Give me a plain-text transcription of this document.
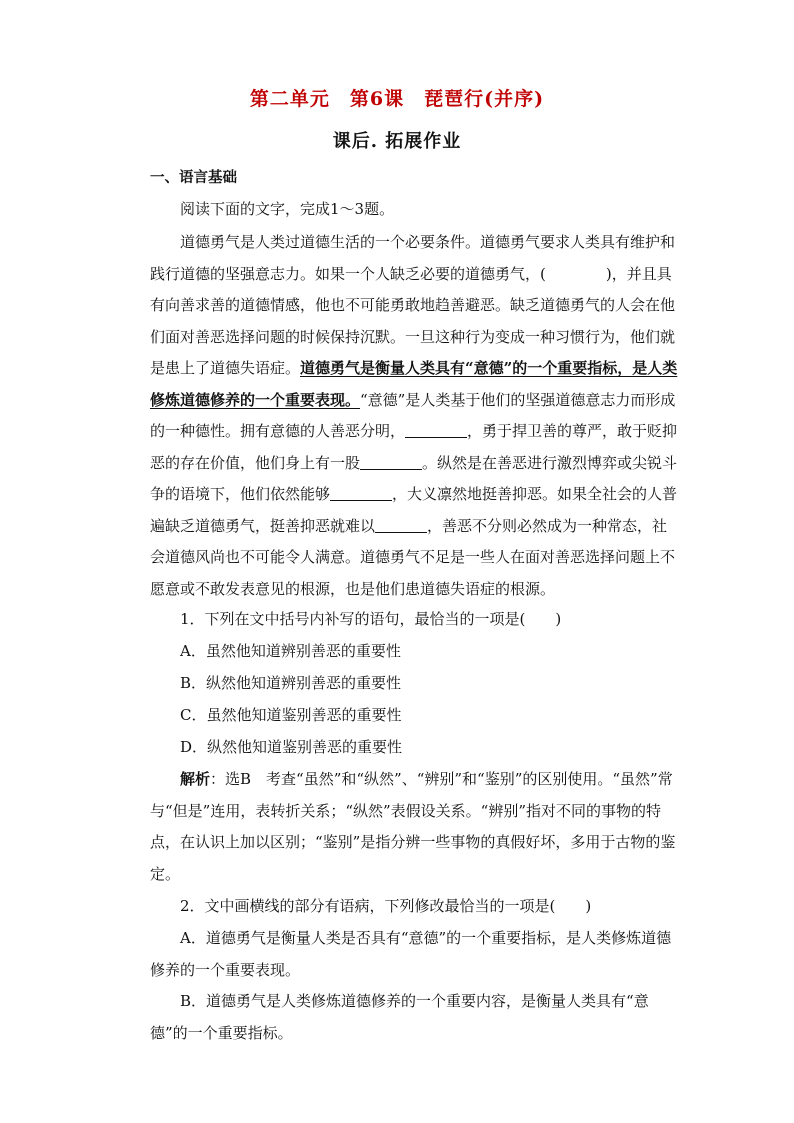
第二单元　第6课　琵琶行(并序)
课后. 拓展作业

一、语言基础

阅读下面的文字，完成1～3题。

道德勇气是人类过道德生活的一个必要条件。道德勇气要求人类具有维护和践行道德的坚强意志力。如果一个人缺乏必要的道德勇气，(　　　　)，并且具有向善求善的道德情感，他也不可能勇敢地趋善避恶。缺乏道德勇气的人会在他们面对善恶选择问题的时候保持沉默。一旦这种行为变成一种习惯行为，他们就是患上了道德失语症。道德勇气是衡量人类具有“意德”的一个重要指标，是人类修炼道德修养的一个重要表现。“意德”是人类基于他们的坚强道德意志力而形成的一种德性。拥有意德的人善恶分明，	，勇于捍卫善的尊严，敢于贬抑恶的存在价值，他们身上有一股	。纵然是在善恶进行激烈博弈或尖锐斗争的语境下，他们依然能够	，大义凛然地挺善抑恶。如果全社会的人普遍缺乏道德勇气，挺善抑恶就难以	，善恶不分则必然成为一种常态，社会道德风尚也不可能令人满意。道德勇气不足是一些人在面对善恶选择问题上不愿意或不敢发表意见的根源，也是他们患道德失语症的根源。

1．下列在文中括号内补写的语句，最恰当的一项是(　　)

A．虽然他知道辨别善恶的重要性

B．纵然他知道辨别善恶的重要性

C．虽然他知道鉴别善恶的重要性

D．纵然他知道鉴别善恶的重要性

解析：选B　考查“虽然”和“纵然”、“辨别”和“鉴别”的区别使用。“虽然”常与“但是”连用，表转折关系；“纵然”表假设关系。“辨别”指对不同的事物的特点，在认识上加以区别；“鉴别”是指分辨一些事物的真假好坏，多用于古物的鉴定。

2．文中画横线的部分有语病，下列修改最恰当的一项是(　　)

A．道德勇气是衡量人类是否具有“意德”的一个重要指标，是人类修炼道德修养的一个重要表现。

B．道德勇气是人类修炼道德修养的一个重要内容，是衡量人类具有“意德”的一个重要指标。
